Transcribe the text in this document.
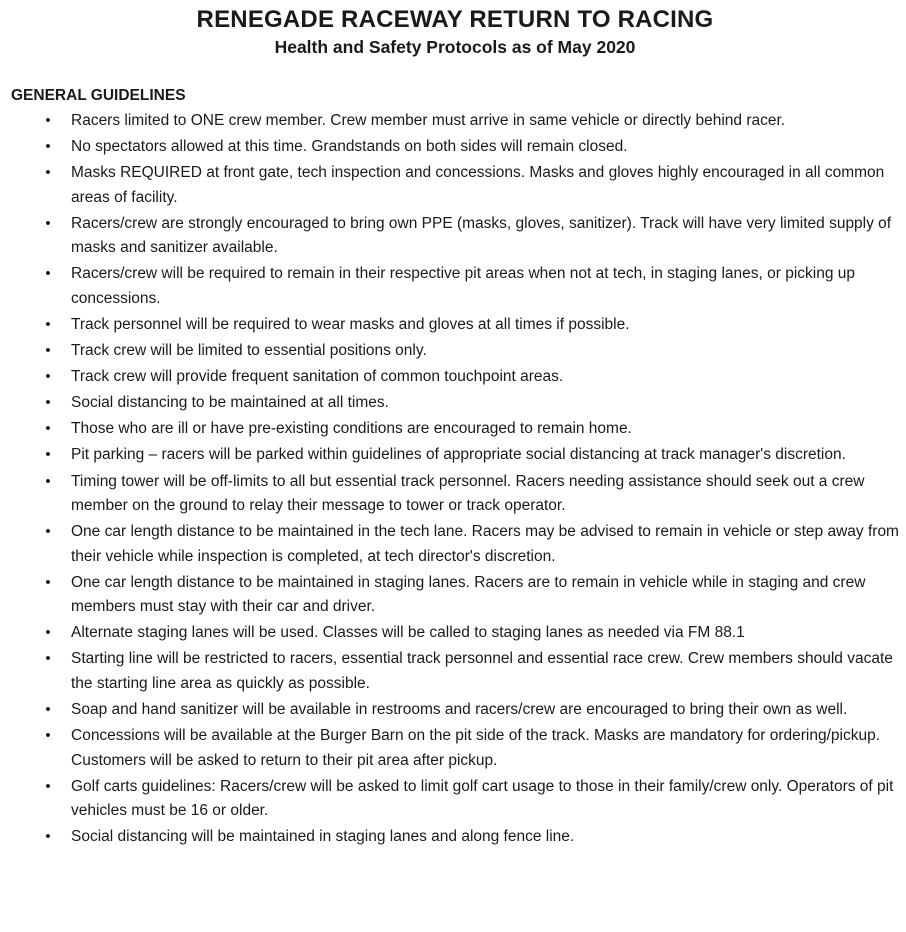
RENEGADE RACEWAY RETURN TO RACING
Health and Safety Protocols as of May 2020
GENERAL GUIDELINES
• Racers limited to ONE crew member. Crew member must arrive in same vehicle or directly behind racer.
• No spectators allowed at this time. Grandstands on both sides will remain closed.
• Masks REQUIRED at front gate, tech inspection and concessions. Masks and gloves highly encouraged in all common areas of facility.
• Racers/crew are strongly encouraged to bring own PPE (masks, gloves, sanitizer). Track will have very limited supply of masks and sanitizer available.
• Racers/crew will be required to remain in their respective pit areas when not at tech, in staging lanes, or picking up concessions.
• Track personnel will be required to wear masks and gloves at all times if possible.
• Track crew will be limited to essential positions only.
• Track crew will provide frequent sanitation of common touchpoint areas.
• Social distancing to be maintained at all times.
• Those who are ill or have pre-existing conditions are encouraged to remain home.
• Pit parking – racers will be parked within guidelines of appropriate social distancing at track manager's discretion.
• Timing tower will be off-limits to all but essential track personnel. Racers needing assistance should seek out a crew member on the ground to relay their message to tower or track operator.
• One car length distance to be maintained in the tech lane. Racers may be advised to remain in vehicle or step away from their vehicle while inspection is completed, at tech director's discretion.
• One car length distance to be maintained in staging lanes. Racers are to remain in vehicle while in staging and crew members must stay with their car and driver.
• Alternate staging lanes will be used. Classes will be called to staging lanes as needed via FM 88.1
• Starting line will be restricted to racers, essential track personnel and essential race crew. Crew members should vacate the starting line area as quickly as possible.
• Soap and hand sanitizer will be available in restrooms and racers/crew are encouraged to bring their own as well.
• Concessions will be available at the Burger Barn on the pit side of the track. Masks are mandatory for ordering/pickup. Customers will be asked to return to their pit area after pickup.
• Golf carts guidelines: Racers/crew will be asked to limit golf cart usage to those in their family/crew only. Operators of pit vehicles must be 16 or older.
• Social distancing will be maintained in staging lanes and along fence line.
